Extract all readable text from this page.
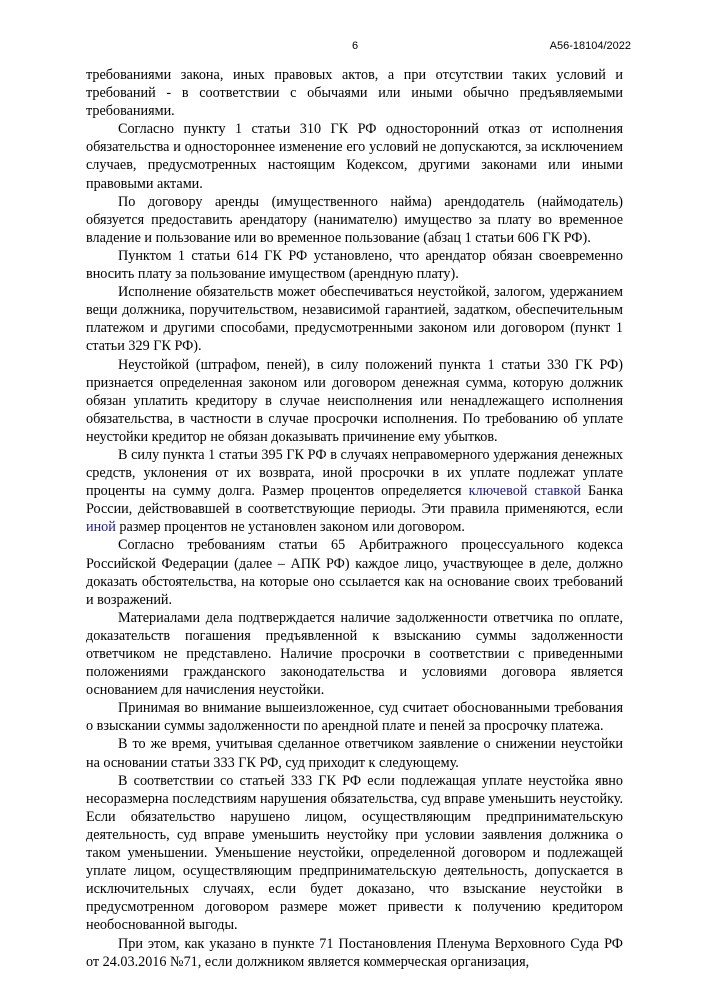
6	А56-18104/2022

требованиями закона, иных правовых актов, а при отсутствии таких условий и требований - в соответствии с обычаями или иными обычно предъявляемыми требованиями.

Согласно пункту 1 статьи 310 ГК РФ односторонний отказ от исполнения обязательства и одностороннее изменение его условий не допускаются, за исключением случаев, предусмотренных настоящим Кодексом, другими законами или иными правовыми актами.

По договору аренды (имущественного найма) арендодатель (наймодатель) обязуется предоставить арендатору (нанимателю) имущество за плату во временное владение и пользование или во временное пользование (абзац 1 статьи 606 ГК РФ).

Пунктом 1 статьи 614 ГК РФ установлено, что арендатор обязан своевременно вносить плату за пользование имуществом (арендную плату).

Исполнение обязательств может обеспечиваться неустойкой, залогом, удержанием вещи должника, поручительством, независимой гарантией, задатком, обеспечительным платежом и другими способами, предусмотренными законом или договором (пункт 1 статьи 329 ГК РФ).

Неустойкой (штрафом, пеней), в силу положений пункта 1 статьи 330 ГК РФ) признается определенная законом или договором денежная сумма, которую должник обязан уплатить кредитору в случае неисполнения или ненадлежащего исполнения обязательства, в частности в случае просрочки исполнения. По требованию об уплате неустойки кредитор не обязан доказывать причинение ему убытков.

В силу пункта 1 статьи 395 ГК РФ в случаях неправомерного удержания денежных средств, уклонения от их возврата, иной просрочки в их уплате подлежат уплате проценты на сумму долга. Размер процентов определяется ключевой ставкой Банка России, действовавшей в соответствующие периоды. Эти правила применяются, если иной размер процентов не установлен законом или договором.

Согласно требованиям статьи 65 Арбитражного процессуального кодекса Российской Федерации (далее – АПК РФ) каждое лицо, участвующее в деле, должно доказать обстоятельства, на которые оно ссылается как на основание своих требований и возражений.

Материалами дела подтверждается наличие задолженности ответчика по оплате, доказательств погашения предъявленной к взысканию суммы задолженности ответчиком не представлено. Наличие просрочки в соответствии с приведенными положениями гражданского законодательства и условиями договора является основанием для начисления неустойки.

Принимая во внимание вышеизложенное, суд считает обоснованными требования о взыскании суммы задолженности по арендной плате и пеней за просрочку платежа.

В то же время, учитывая сделанное ответчиком заявление о снижении неустойки на основании статьи 333 ГК РФ, суд приходит к следующему.

В соответствии со статьей 333 ГК РФ если подлежащая уплате неустойка явно несоразмерна последствиям нарушения обязательства, суд вправе уменьшить неустойку. Если обязательство нарушено лицом, осуществляющим предпринимательскую деятельность, суд вправе уменьшить неустойку при условии заявления должника о таком уменьшении. Уменьшение неустойки, определенной договором и подлежащей уплате лицом, осуществляющим предпринимательскую деятельность, допускается в исключительных случаях, если будет доказано, что взыскание неустойки в предусмотренном договором размере может привести к получению кредитором необоснованной выгоды.

При этом, как указано в пункте 71 Постановления Пленума Верховного Суда РФ от 24.03.2016 №71, если должником является коммерческая организация,
